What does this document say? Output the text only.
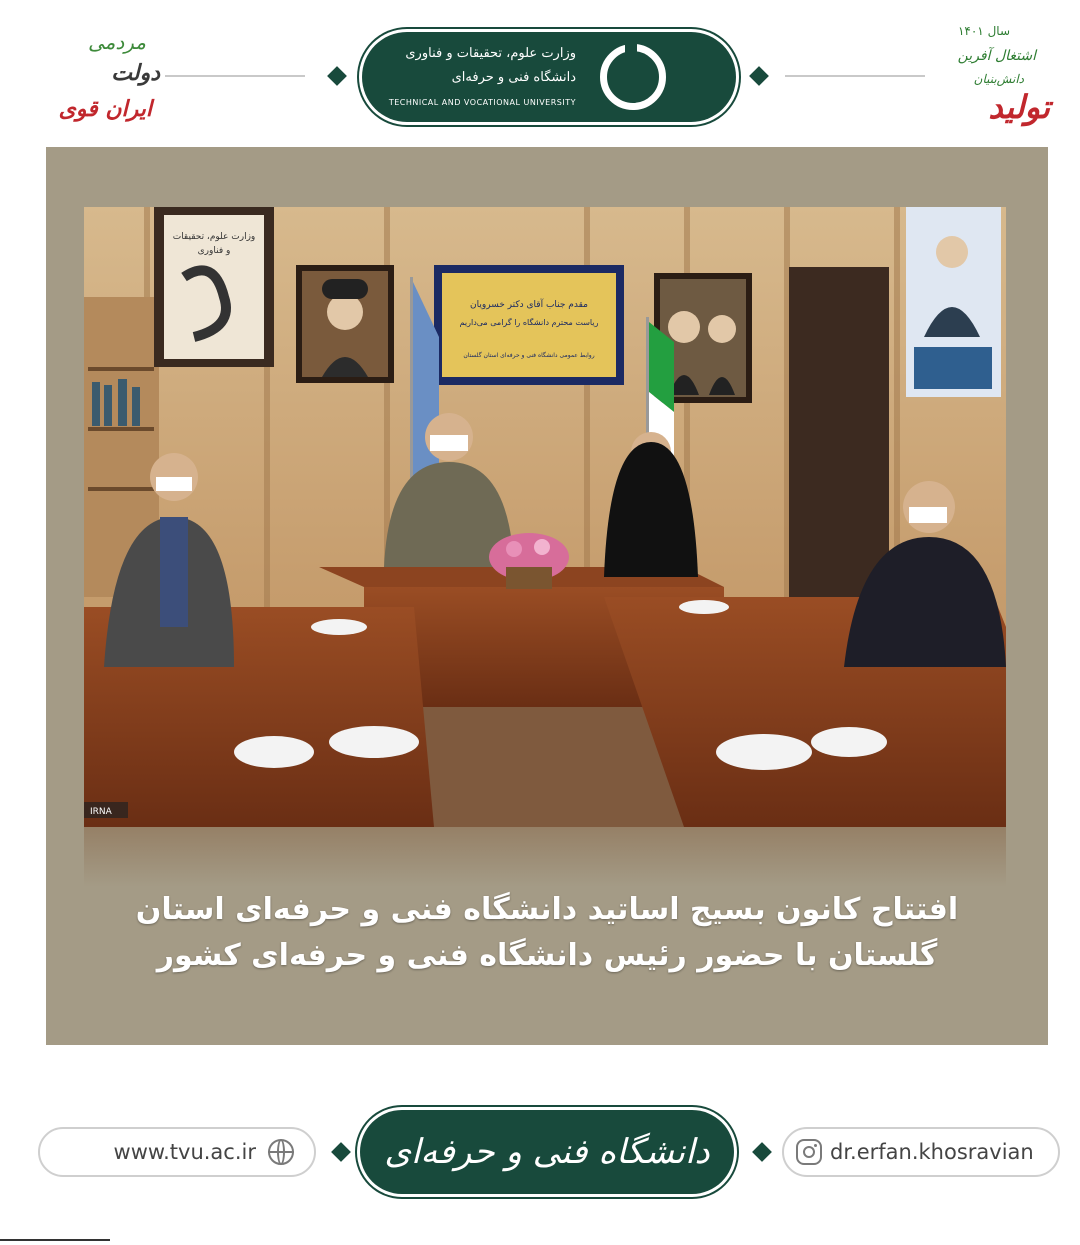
مردمی
دولت
ایران قوی
وزارت علوم، تحقیقات و فناوری
دانشگاه فنی و حرفه‌ای
TECHNICAL AND VOCATIONAL UNIVERSITY
سال ۱۴۰۱
اشتغال آفرین
دانش‌بنیان
تولید
وزارت علوم، تحقیقات
و فناوری
مقدم جناب آقای دکتر خسرویان
ریاست محترم دانشگاه را گرامی می‌داریم
روابط عمومی دانشگاه فنی و حرفه‌ای استان گلستان
IRNA
افتتاح کانون بسیج اساتید دانشگاه فنی و حرفه‌ای استان
گلستان با حضور رئیس دانشگاه فنی و حرفه‌ای کشور
www.tvu.ac.ir	دانشگاه فنی و حرفه‌ای	dr.erfan.khosravian
